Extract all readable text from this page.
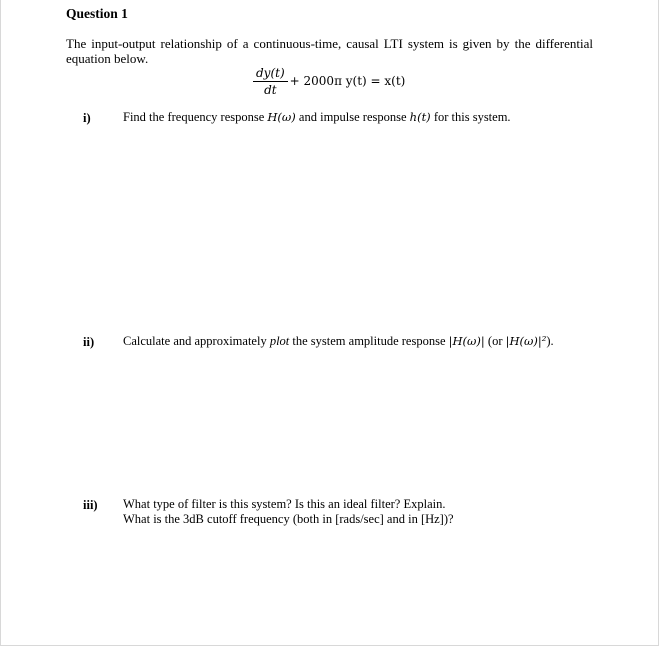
Question 1
The input-output relationship of a continuous-time, causal LTI system is given by the differential
equation below.
$\frac{dy(t)}{dt} + 2000\pi$ y(t) = x(t)
i)	Find the frequency response H(ω) and impulse response h(t) for this system.
ii) Calculate and approximately plot the system amplitude response |H(ω)| (or |H(ω)|²).
iii) What type of filter is this system? Is this an ideal filter? Explain.
What is the 3dB cutoff frequency (both in [rads/sec] and in [Hz])?
